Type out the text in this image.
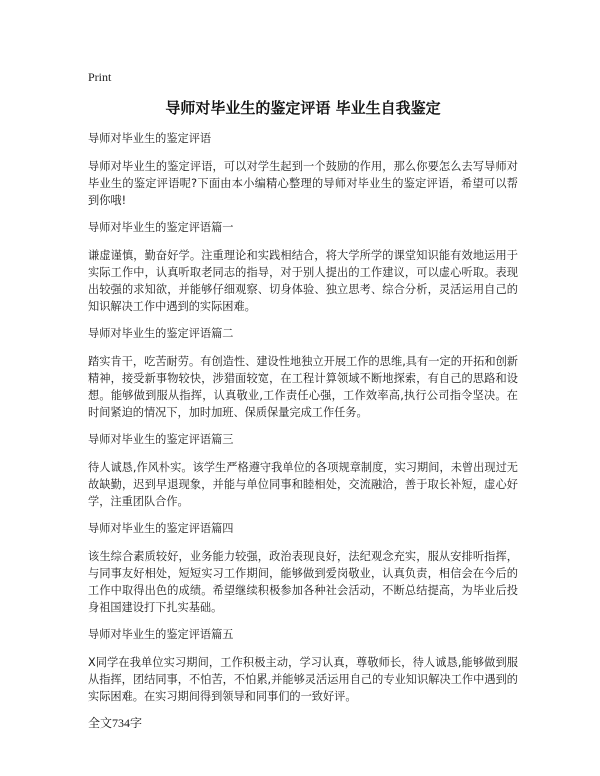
Print
导师对毕业生的鉴定评语 毕业生自我鉴定
导师对毕业生的鉴定评语
导师对毕业生的鉴定评语，可以对学生起到一个鼓励的作用，那么你要怎么去写导师对毕业生的鉴定评语呢?下面由本小编精心整理的导师对毕业生的鉴定评语，希望可以帮到你哦!
导师对毕业生的鉴定评语篇一
谦虚谨慎，勤奋好学。注重理论和实践相结合，将大学所学的课堂知识能有效地运用于实际工作中，认真听取老同志的指导，对于别人提出的工作建议，可以虚心听取。表现出较强的求知欲，并能够仔细观察、切身体验、独立思考、综合分析，灵活运用自己的知识解决工作中遇到的实际困难。
导师对毕业生的鉴定评语篇二
踏实肯干，吃苦耐劳。有创造性、建设性地独立开展工作的思维,具有一定的开拓和创新精神，接受新事物较快，涉猎面较宽，在工程计算领域不断地探索，有自己的思路和设想。能够做到服从指挥，认真敬业,工作责任心强，工作效率高,执行公司指令坚决。在时间紧迫的情况下，加时加班、保质保量完成工作任务。
导师对毕业生的鉴定评语篇三
待人诚恳,作风朴实。该学生严格遵守我单位的各项规章制度，实习期间，未曾出现过无故缺勤，迟到早退现象，并能与单位同事和睦相处，交流融洽，善于取长补短，虚心好学，注重团队合作。
导师对毕业生的鉴定评语篇四
该生综合素质较好，业务能力较强，政治表现良好，法纪观念充实，服从安排听指挥，与同事友好相处，短短实习工作期间，能够做到爱岗敬业，认真负责，相信会在今后的工作中取得出色的成绩。希望继续积极参加各种社会活动，不断总结提高，为毕业后投身祖国建设打下扎实基础。
导师对毕业生的鉴定评语篇五
X同学在我单位实习期间，工作积极主动，学习认真，尊敬师长，待人诚恳,能够做到服从指挥，团结同事，不怕苦，不怕累,并能够灵活运用自己的专业知识解决工作中遇到的实际困难。在实习期间得到领导和同事们的一致好评。
全文734字
